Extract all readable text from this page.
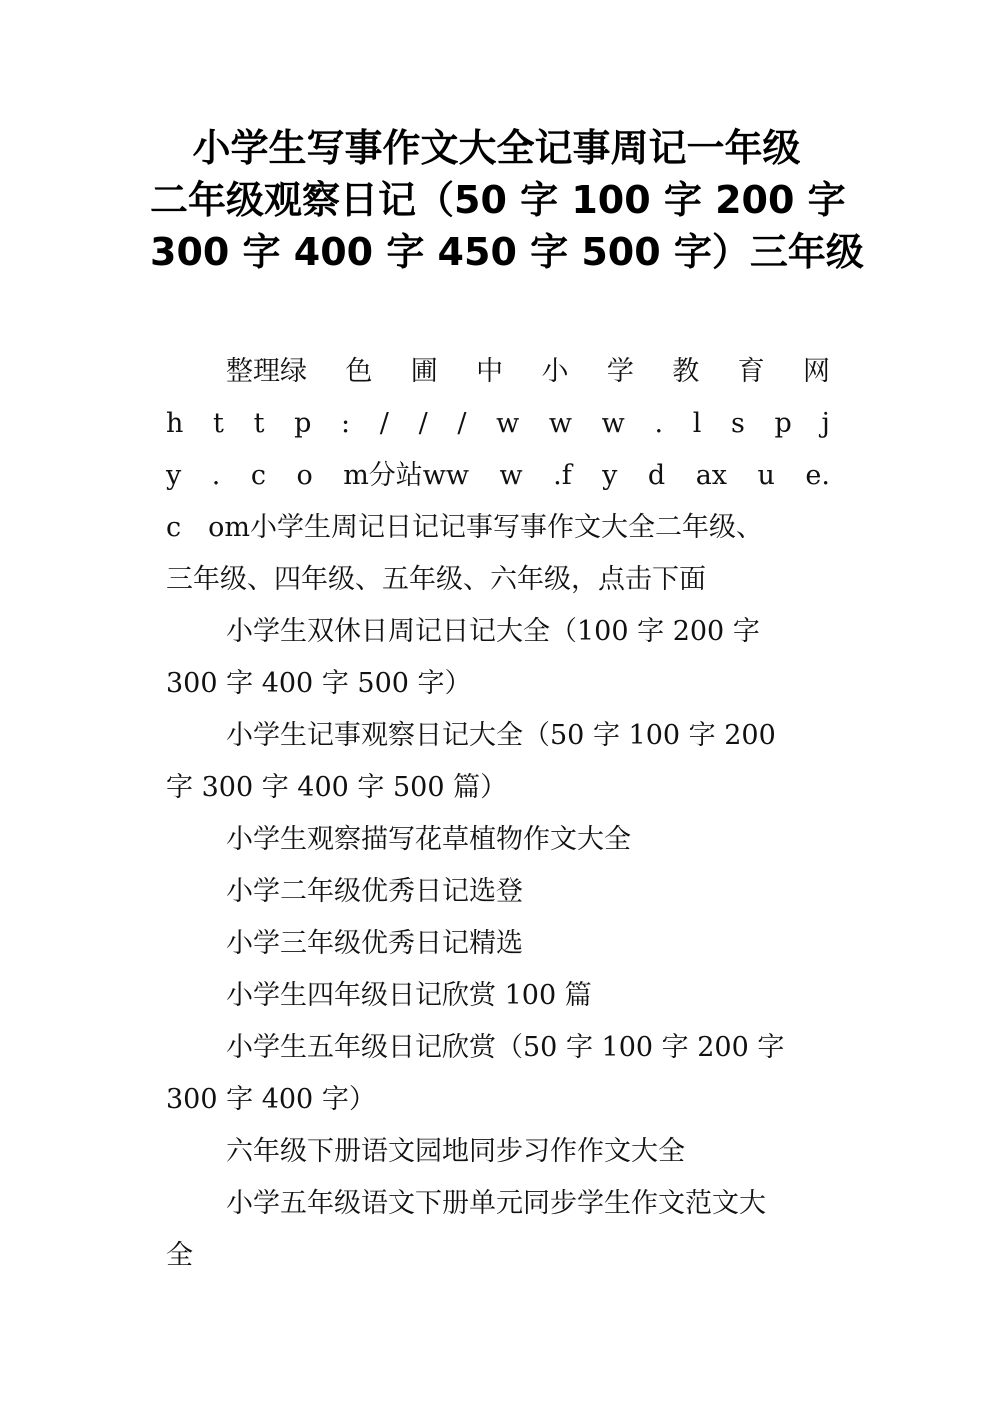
小学生写事作文大全记事周记一年级
二年级观察日记（50 字 100 字 200 字
300 字 400 字 450 字 500 字）三年级
整理绿 色 圃 中 小 学 教 育 网
h t t p : / / / w w w . l s p j
y . c o m分站ww w .f y d ax u e.
c　om小学生周记日记记事写事作文大全二年级、
三年级、四年级、五年级、六年级，点击下面
小学生双休日周记日记大全（100 字 200 字
300 字 400 字 500 字）
小学生记事观察日记大全（50 字 100 字 200
字 300 字 400 字 500 篇）
小学生观察描写花草植物作文大全
小学二年级优秀日记选登
小学三年级优秀日记精选
小学生四年级日记欣赏 100 篇
小学生五年级日记欣赏（50 字 100 字 200 字
300 字 400 字）
六年级下册语文园地同步习作作文大全
小学五年级语文下册单元同步学生作文范文大
全
